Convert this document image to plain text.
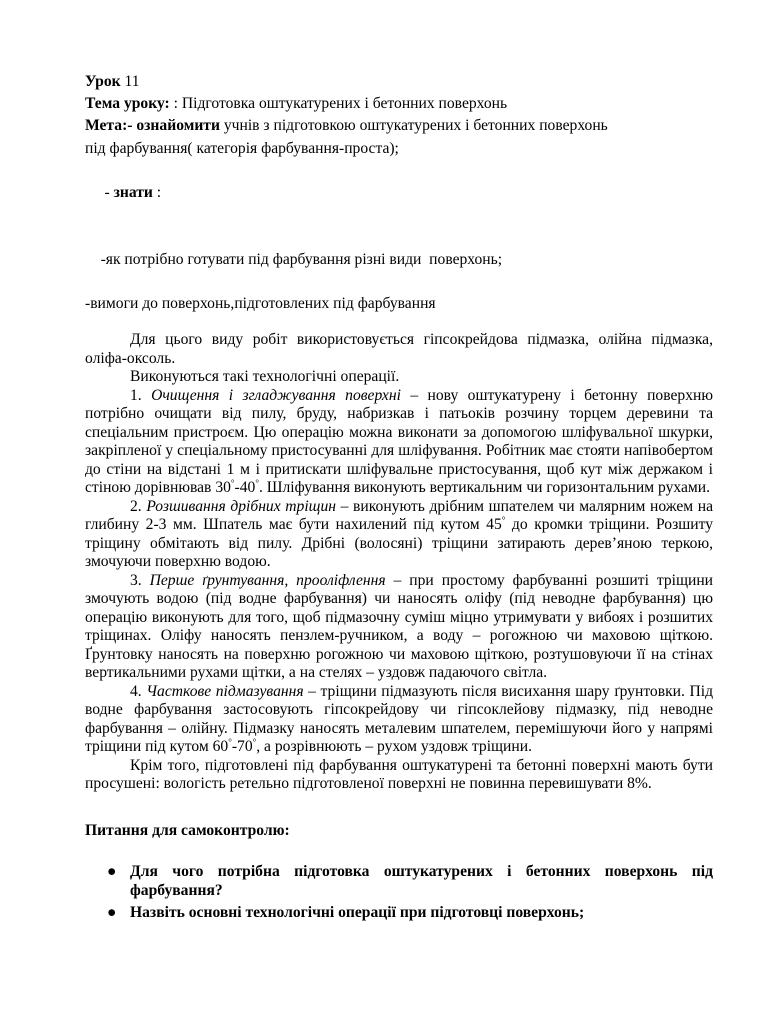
Урок 11
Тема уроку: : Підготовка оштукатурених і бетонних поверхонь
Мета:- ознайомити учнів з підготовкою оштукатурених і бетонних поверхонь
під фарбування( категорія фарбування-проста);

- знати :

-як потрібно готувати під фарбування різні види  поверхонь;

-вимоги до поверхонь,підготовлених під фарбування

Для цього виду робіт використовується гіпсокрейдова підмазка, олійна підмазка, оліфа-оксоль.

Виконуються такі технологічні операції.

1. Очищення і згладжування поверхні – нову оштукатурену і бетонну поверхню потрібно очищати від пилу, бруду, набризкав і патьоків розчину торцем деревини та спеціальним пристроєм. Цю операцію можна виконати за допомогою шліфувальної шкурки, закріпленої у спеціальному пристосуванні для шліфування. Робітник має стояти напівобертом до стіни на відстані 1 м і притискати шліфувальне пристосування, щоб кут між держаком і стіною дорівнював 30°-40°. Шліфування виконують вертикальним чи горизонтальним рухами.

2. Розшивання дрібних тріщин – виконують дрібним шпателем чи малярним ножем на глибину 2-3 мм. Шпатель має бути нахилений під кутом 45° до кромки тріщини. Розшиту тріщину обмітають від пилу. Дрібні (волосяні) тріщини затирають дерев’яною теркою, змочуючи поверхню водою.

3. Перше ґрунтування, прооліфлення – при простому фарбуванні розшиті тріщини змочують водою (під водне фарбування) чи наносять оліфу (під неводне фарбування) цю операцію виконують для того, щоб підмазочну суміш міцно утримувати у вибоях і розшитих тріщинах. Оліфу наносять пензлем-ручником, а воду – рогожною чи маховою щіткою. Ґрунтовку наносять на поверхню рогожною чи маховою щіткою, розтушовуючи її на стінах вертикальними рухами щітки, а на стелях – уздовж падаючого світла.

4. Часткове підмазування – тріщини підмазують після висихання шару ґрунтовки. Під водне фарбування застосовують гіпсокрейдову чи гіпсоклейову підмазку, під неводне фарбування – олійну. Підмазку наносять металевим шпателем, перемішуючи його у напрямі тріщини під кутом 60°-70°, а розрівнюють – рухом уздовж тріщини.

Крім того, підготовлені під фарбування оштукатурені та бетонні поверхні мають бути просушені: вологість ретельно підготовленої поверхні не повинна перевишувати 8%.

Питання для самоконтролю:
● Для чого потрібна підготовка оштукатурених і бетонних поверхонь під фарбування?
● Назвіть основні технологічні операції при підготовці поверхонь;
